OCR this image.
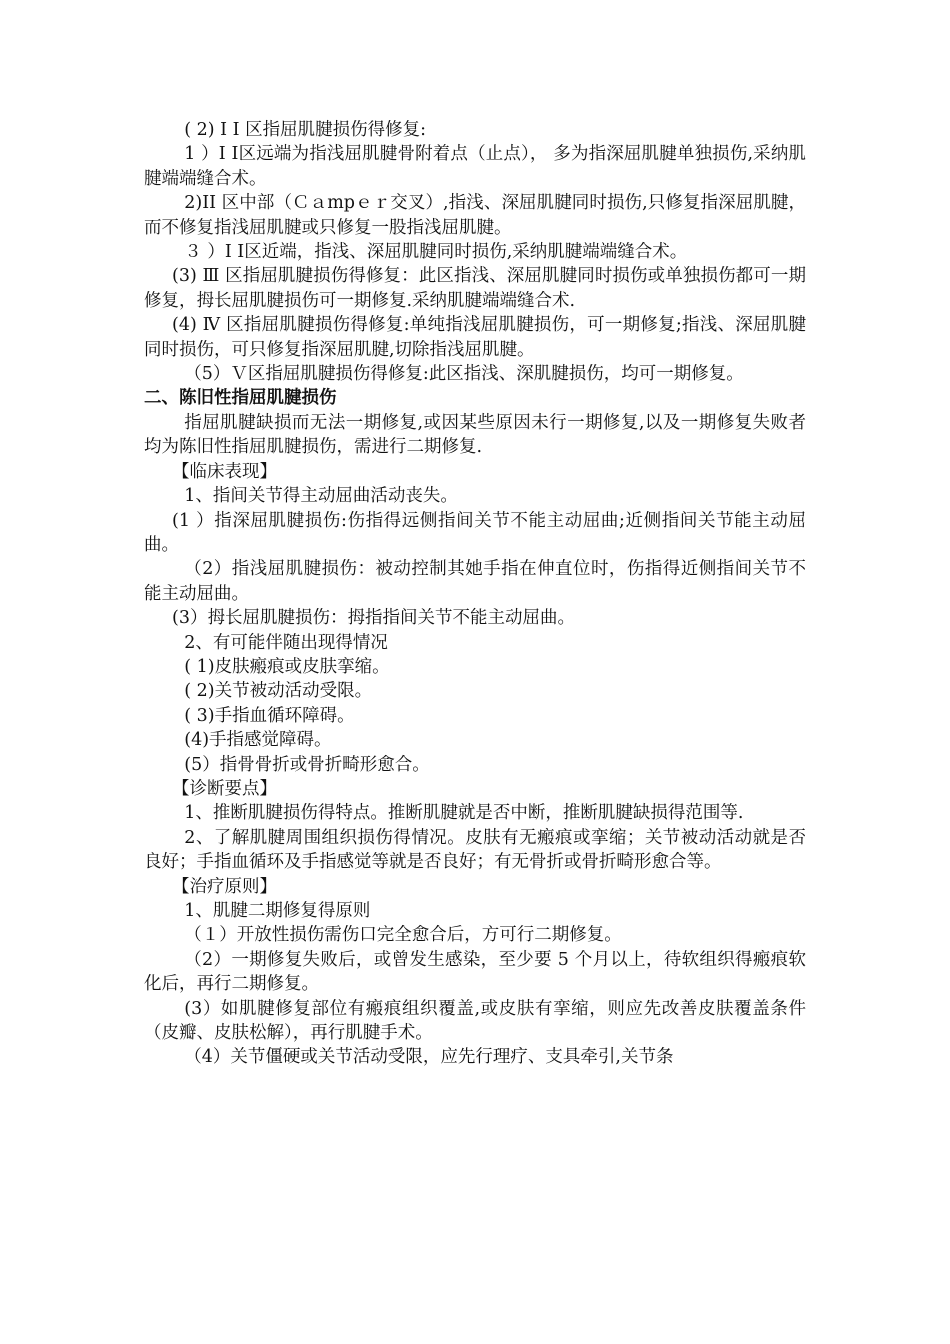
( 2) Ⅰ Ⅰ 区指屈肌腱损伤得修复:

1 ）Ⅰ Ⅰ区远端为指浅屈肌腱骨附着点（止点）， 多为指深屈肌腱单独损伤,采纳肌腱端端缝合术。

2)II 区中部（Ｃａmpｅｒ交叉）,指浅、深屈肌腱同时损伤,只修复指深屈肌腱，而不修复指浅屈肌腱或只修复一股指浅屈肌腱。

３ ）Ⅰ Ⅰ区近端，指浅、深屈肌腱同时损伤,采纳肌腱端端缝合术。

(3) Ⅲ 区指屈肌腱损伤得修复：此区指浅、深屈肌腱同时损伤或单独损伤都可一期修复，拇长屈肌腱损伤可一期修复.采纳肌腱端端缝合术.

(4) Ⅳ 区指屈肌腱损伤得修复:单纯指浅屈肌腱损伤，可一期修复;指浅、深屈肌腱同时损伤，可只修复指深屈肌腱,切除指浅屈肌腱。

（5）Ｖ区指屈肌腱损伤得修复:此区指浅、深肌腱损伤，均可一期修复。

二、陈旧性指屈肌腱损伤

指屈肌腱缺损而无法一期修复,或因某些原因未行一期修复,以及一期修复失败者均为陈旧性指屈肌腱损伤，需进行二期修复.

【临床表现】

1、指间关节得主动屈曲活动丧失。

(1 ）指深屈肌腱损伤:伤指得远侧指间关节不能主动屈曲;近侧指间关节能主动屈曲。

（2）指浅屈肌腱损伤：被动控制其她手指在伸直位时，伤指得近侧指间关节不能主动屈曲。

(3）拇长屈肌腱损伤：拇指指间关节不能主动屈曲。

2、有可能伴随出现得情况

( 1)皮肤瘢痕或皮肤挛缩。

( 2)关节被动活动受限。

( 3)手指血循环障碍。

(4)手指感觉障碍。

(5）指骨骨折或骨折畸形愈合。

【诊断要点】

1、推断肌腱损伤得特点。推断肌腱就是否中断，推断肌腱缺损得范围等.

2、了解肌腱周围组织损伤得情况。皮肤有无瘢痕或挛缩；关节被动活动就是否良好；手指血循环及手指感觉等就是否良好；有无骨折或骨折畸形愈合等。

【治疗原则】

1、肌腱二期修复得原则

（１）开放性损伤需伤口完全愈合后，方可行二期修复。

（2）一期修复失败后，或曾发生感染，至少要 5 个月以上，待软组织得瘢痕软化后，再行二期修复。

(3）如肌腱修复部位有瘢痕组织覆盖,或皮肤有挛缩，则应先改善皮肤覆盖条件（皮瓣、皮肤松解），再行肌腱手术。

（4）关节僵硬或关节活动受限，应先行理疗、支具牵引,关节条
